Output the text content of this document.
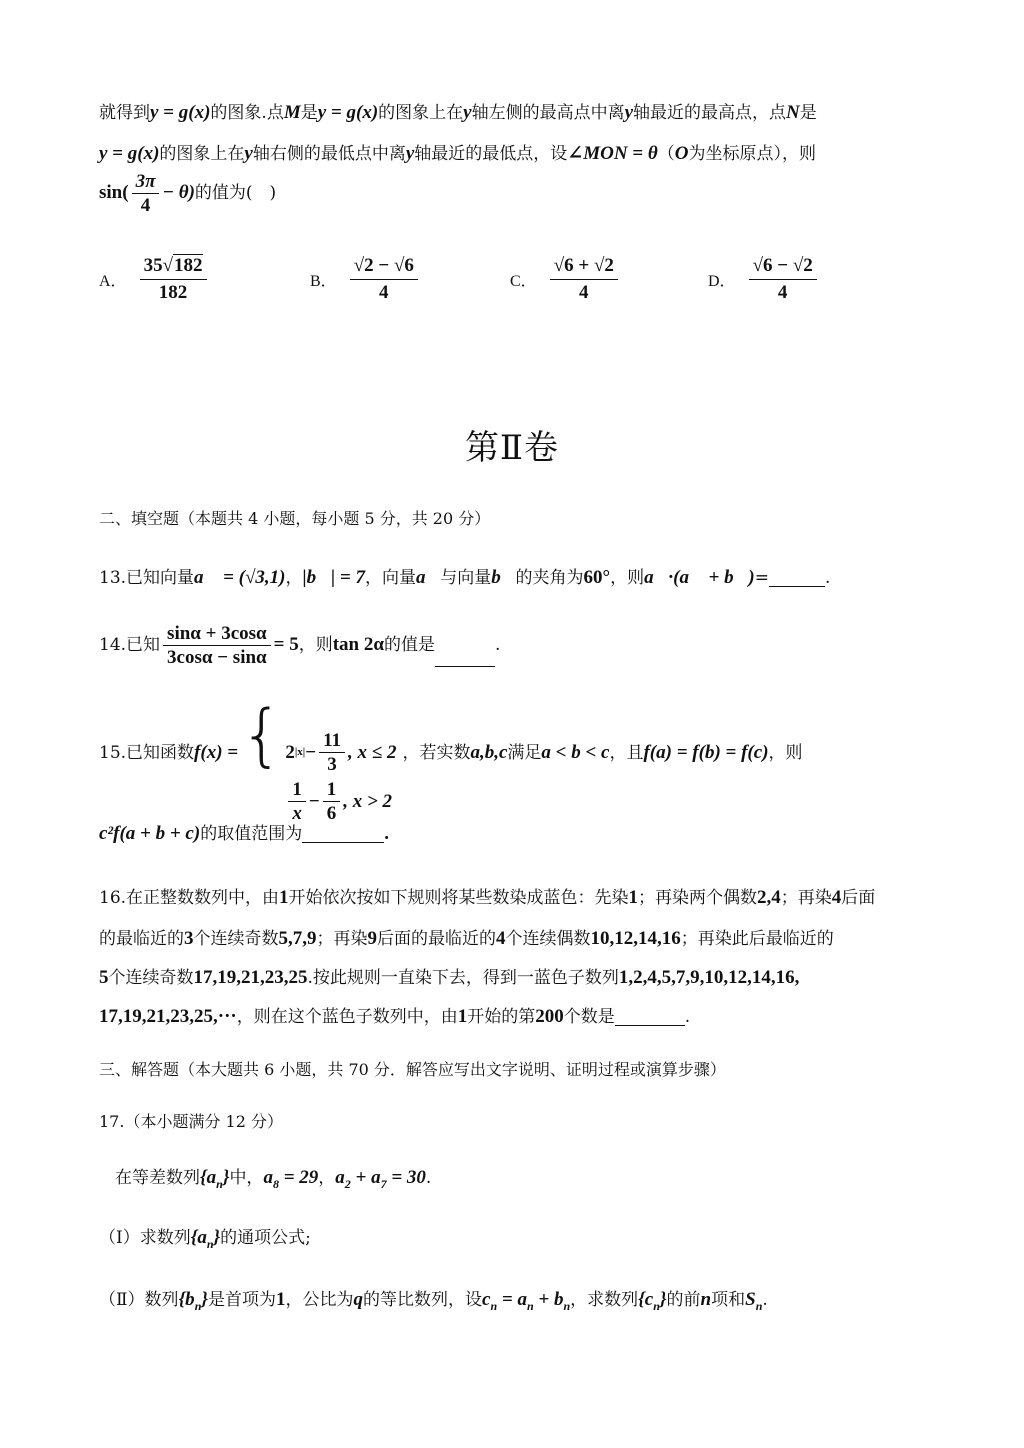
就得到y = g(x)的图象.点M是y = g(x)的图象上在y轴左侧的最高点中离y轴最近的最高点，点N是
y = g(x)的图象上在y轴右侧的最低点中离y轴最近的最低点，设∠MON = θ（O为坐标原点），则
$\sin( \frac{3\pi}{4} - \theta)$的值为(　)
A． $\frac{35√182}{182}$	B． $\frac{√2 - √6}{4}$	C． $\frac{√6 + √2}{4}$	D． $\frac{√6 - √2}{4}$
第Ⅱ卷
二、填空题（本题共 4 小题，每小题 5 分，共 20 分）
13.已知向量a⃗ = (√3,1)，|b⃗| = 7，向量a⃗与向量b⃗的夹角为60°，则a⃗·(a⃗ + b⃗)=	.
14.已知 $\frac{\sin\alpha + 3\cos\alpha}{3\cos\alpha - \sin\alpha} = 5$，则tan 2α的值是	.
15.已知函数f(x) ={ 2 $|x| - \frac{11}{3}$ , x ≤ 2
$\frac{1}{x} - \frac{1}{6}$ , x > 2
，若实数a,b,c满足a < b < c，且f(a) = f(b) = f(c)，则
c²f(a + b + c)的取值范围为	.
16.在正整数数列中，由1开始依次按如下规则将某些数染成蓝色：先染1；再染两个偶数2,4；再染4后面
的最临近的3个连续奇数5,7,9；再染9后面的最临近的4个连续偶数10,12,14,16；再染此后最临近的
5个连续奇数17,19,21,23,25.按此规则一直染下去，得到一蓝色子数列1,2,4,5,7,9,10,12,14,16,
17,19,21,23,25,···，则在这个蓝色子数列中，由1开始的第200个数是	.
三、解答题（本大题共 6 小题，共 70 分．解答应写出文字说明、证明过程或演算步骤）
17.（本小题满分 12 分）
在等差数列$\{a_n\}$中，$a_8 = 29$，$a_2 + a_7 = 30$.
（Ⅰ）求数列$\{a_n\}$的通项公式;
（Ⅱ）数列$\{b_n\}$是首项为1，公比为q的等比数列，设$c_n = a_n + b_n$，求数列$\{c_n\}$的前n项和$S_n$.
